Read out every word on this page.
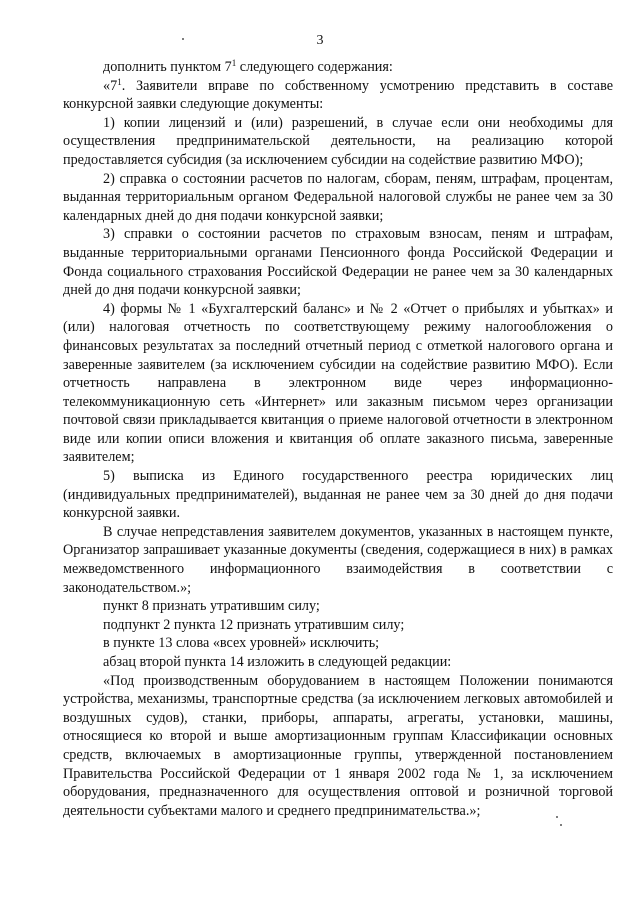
3

дополнить пунктом $7^1$ следующего содержания:

«$7^1$. Заявители вправе по собственному усмотрению представить в составе конкурсной заявки следующие документы:

1) копии лицензий и (или) разрешений, в случае если они необходимы для осуществления предпринимательской деятельности, на реализацию которой предоставляется субсидия (за исключением субсидии на содействие развитию МФО);

2) справка о состоянии расчетов по налогам, сборам, пеням, штрафам, процентам, выданная территориальным органом Федеральной налоговой службы не ранее чем за 30 календарных дней до дня подачи конкурсной заявки;

3) справки о состоянии расчетов по страховым взносам, пеням и штрафам, выданные территориальными органами Пенсионного фонда Российской Федерации и Фонда социального страхования Российской Федерации не ранее чем за 30 календарных дней до дня подачи конкурсной заявки;

4) формы № 1 «Бухгалтерский баланс» и № 2 «Отчет о прибылях и убытках» и (или) налоговая отчетность по соответствующему режиму налогообложения о финансовых результатах за последний отчетный период с отметкой налогового органа и заверенные заявителем (за исключением субсидии на содействие развитию МФО). Если отчетность направлена в электронном виде через информационно-телекоммуникационную сеть «Интернет» или заказным письмом через организации почтовой связи прикладывается квитанция о приеме налоговой отчетности в электронном виде или копии описи вложения и квитанция об оплате заказного письма, заверенные заявителем;

5) выписка из Единого государственного реестра юридических лиц (индивидуальных предпринимателей), выданная не ранее чем за 30 дней до дня подачи конкурсной заявки.

В случае непредставления заявителем документов, указанных в настоящем пункте, Организатор запрашивает указанные документы (сведения, содержащиеся в них) в рамках межведомственного информационного взаимодействия в соответствии с законодательством.»;

пункт 8 признать утратившим силу;

подпункт 2 пункта 12 признать утратившим силу;

в пункте 13 слова «всех уровней» исключить;

абзац второй пункта 14 изложить в следующей редакции:

«Под производственным оборудованием в настоящем Положении понимаются устройства, механизмы, транспортные средства (за исключением легковых автомобилей и воздушных судов), станки, приборы, аппараты, агрегаты, установки, машины, относящиеся ко второй и выше амортизационным группам Классификации основных средств, включаемых в амортизационные группы, утвержденной постановлением Правительства Российской Федерации от 1 января 2002 года № 1, за исключением оборудования, предназначенного для осуществления оптовой и розничной торговой деятельности субъектами малого и среднего предпринимательства.»;
